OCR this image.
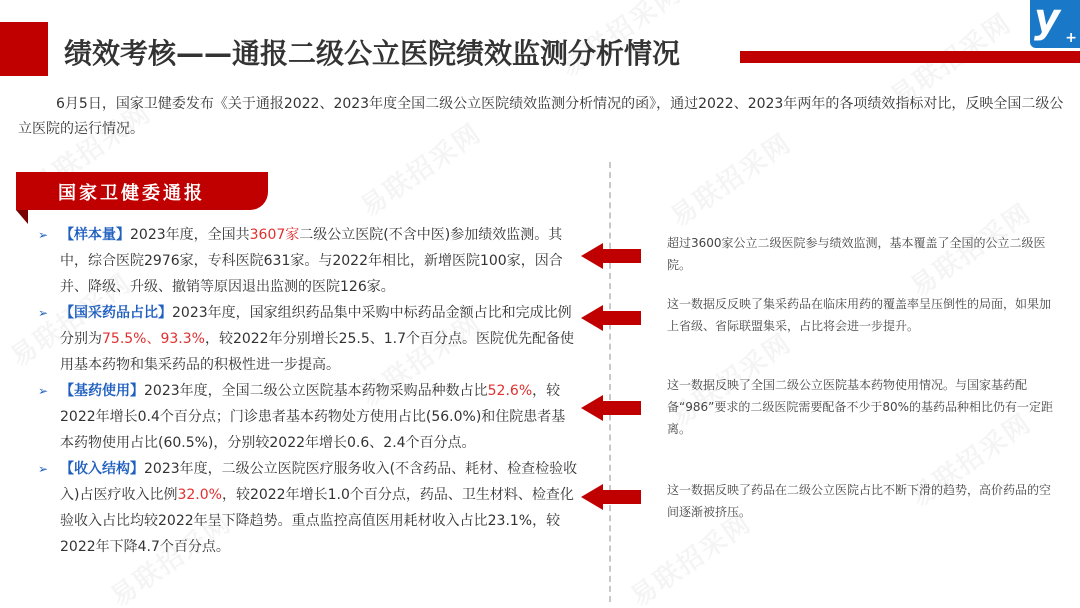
绩效考核——通报二级公立医院绩效监测分析情况
y +

6月5日，国家卫健委发布《关于通报2022、2023年度全国二级公立医院绩效监测分析情况的函》，通过2022、2023年两年的各项绩效指标对比，反映全国二级公立医院的运行情况。

国家卫健委通报

➢ 【样本量】2023年度，全国共3607家二级公立医院(不含中医)参加绩效监测。其中，综合医院2976家，专科医院631家。与2022年相比，新增医院100家，因合并、降级、升级、撤销等原因退出监测的医院126家。

➢ 【国采药品占比】2023年度，国家组织药品集中采购中标药品金额占比和完成比例分别为75.5%、93.3%，较2022年分别增长25.5、1.7个百分点。医院优先配备使用基本药物和集采药品的积极性进一步提高。

➢ 【基药使用】2023年度，全国二级公立医院基本药物采购品种数占比52.6%，较2022年增长0.4个百分点；门诊患者基本药物处方使用占比(56.0%)和住院患者基本药物使用占比(60.5%)，分别较2022年增长0.6、2.4个百分点。

➢ 【收入结构】2023年度，二级公立医院医疗服务收入(不含药品、耗材、检查检验收入)占医疗收入比例32.0%，较2022年增长1.0个百分点，药品、卫生材料、检查化验收入占比均较2022年呈下降趋势。重点监控高值医用耗材收入占比23.1%，较2022年下降4.7个百分点。

超过3600家公立二级医院参与绩效监测，基本覆盖了全国的公立二级医院。

这一数据反反映了集采药品在临床用药的覆盖率呈压倒性的局面，如果加上省级、省际联盟集采，占比将会进一步提升。

这一数据反映了全国二级公立医院基本药物使用情况。与国家基药配备“986”要求的二级医院需要配备不少于80%的基药品种相比仍有一定距离。

这一数据反映了药品在二级公立医院占比不断下滑的趋势，高价药品的空间逐渐被挤压。
